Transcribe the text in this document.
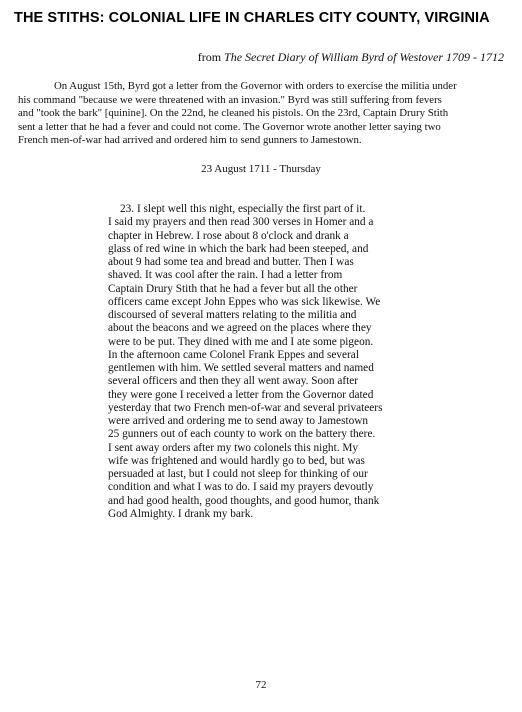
THE STITHS: COLONIAL LIFE IN CHARLES CITY COUNTY, VIRGINIA
from The Secret Diary of William Byrd of Westover 1709 - 1712
On August 15th, Byrd got a letter from the Governor with orders to exercise the militia under
his command "because we were threatened with an invasion." Byrd was still suffering from fevers
and "took the bark" [quinine]. On the 22nd, he cleaned his pistols. On the 23rd, Captain Drury Stith
sent a letter that he had a fever and could not come. The Governor wrote another letter saying two
French men-of-war had arrived and ordered him to send gunners to Jamestown.
23 August 1711 - Thursday
23. I slept well this night, especially the first part of it.
I said my prayers and then read 300 verses in Homer and a
chapter in Hebrew. I rose about 8 o'clock and drank a
glass of red wine in which the bark had been steeped, and
about 9 had some tea and bread and butter. Then I was
shaved. It was cool after the rain. I had a letter from
Captain Drury Stith that he had a fever but all the other
officers came except John Eppes who was sick likewise. We
discoursed of several matters relating to the militia and
about the beacons and we agreed on the places where they
were to be put. They dined with me and I ate some pigeon.
In the afternoon came Colonel Frank Eppes and several
gentlemen with him. We settled several matters and named
several officers and then they all went away. Soon after
they were gone I received a letter from the Governor dated
yesterday that two French men-of-war and several privateers
were arrived and ordering me to send away to Jamestown
25 gunners out of each county to work on the battery there.
I sent away orders after my two colonels this night. My
wife was frightened and would hardly go to bed, but was
persuaded at last, but I could not sleep for thinking of our
condition and what I was to do. I said my prayers devoutly
and had good health, good thoughts, and good humor, thank
God Almighty. I drank my bark.
72
